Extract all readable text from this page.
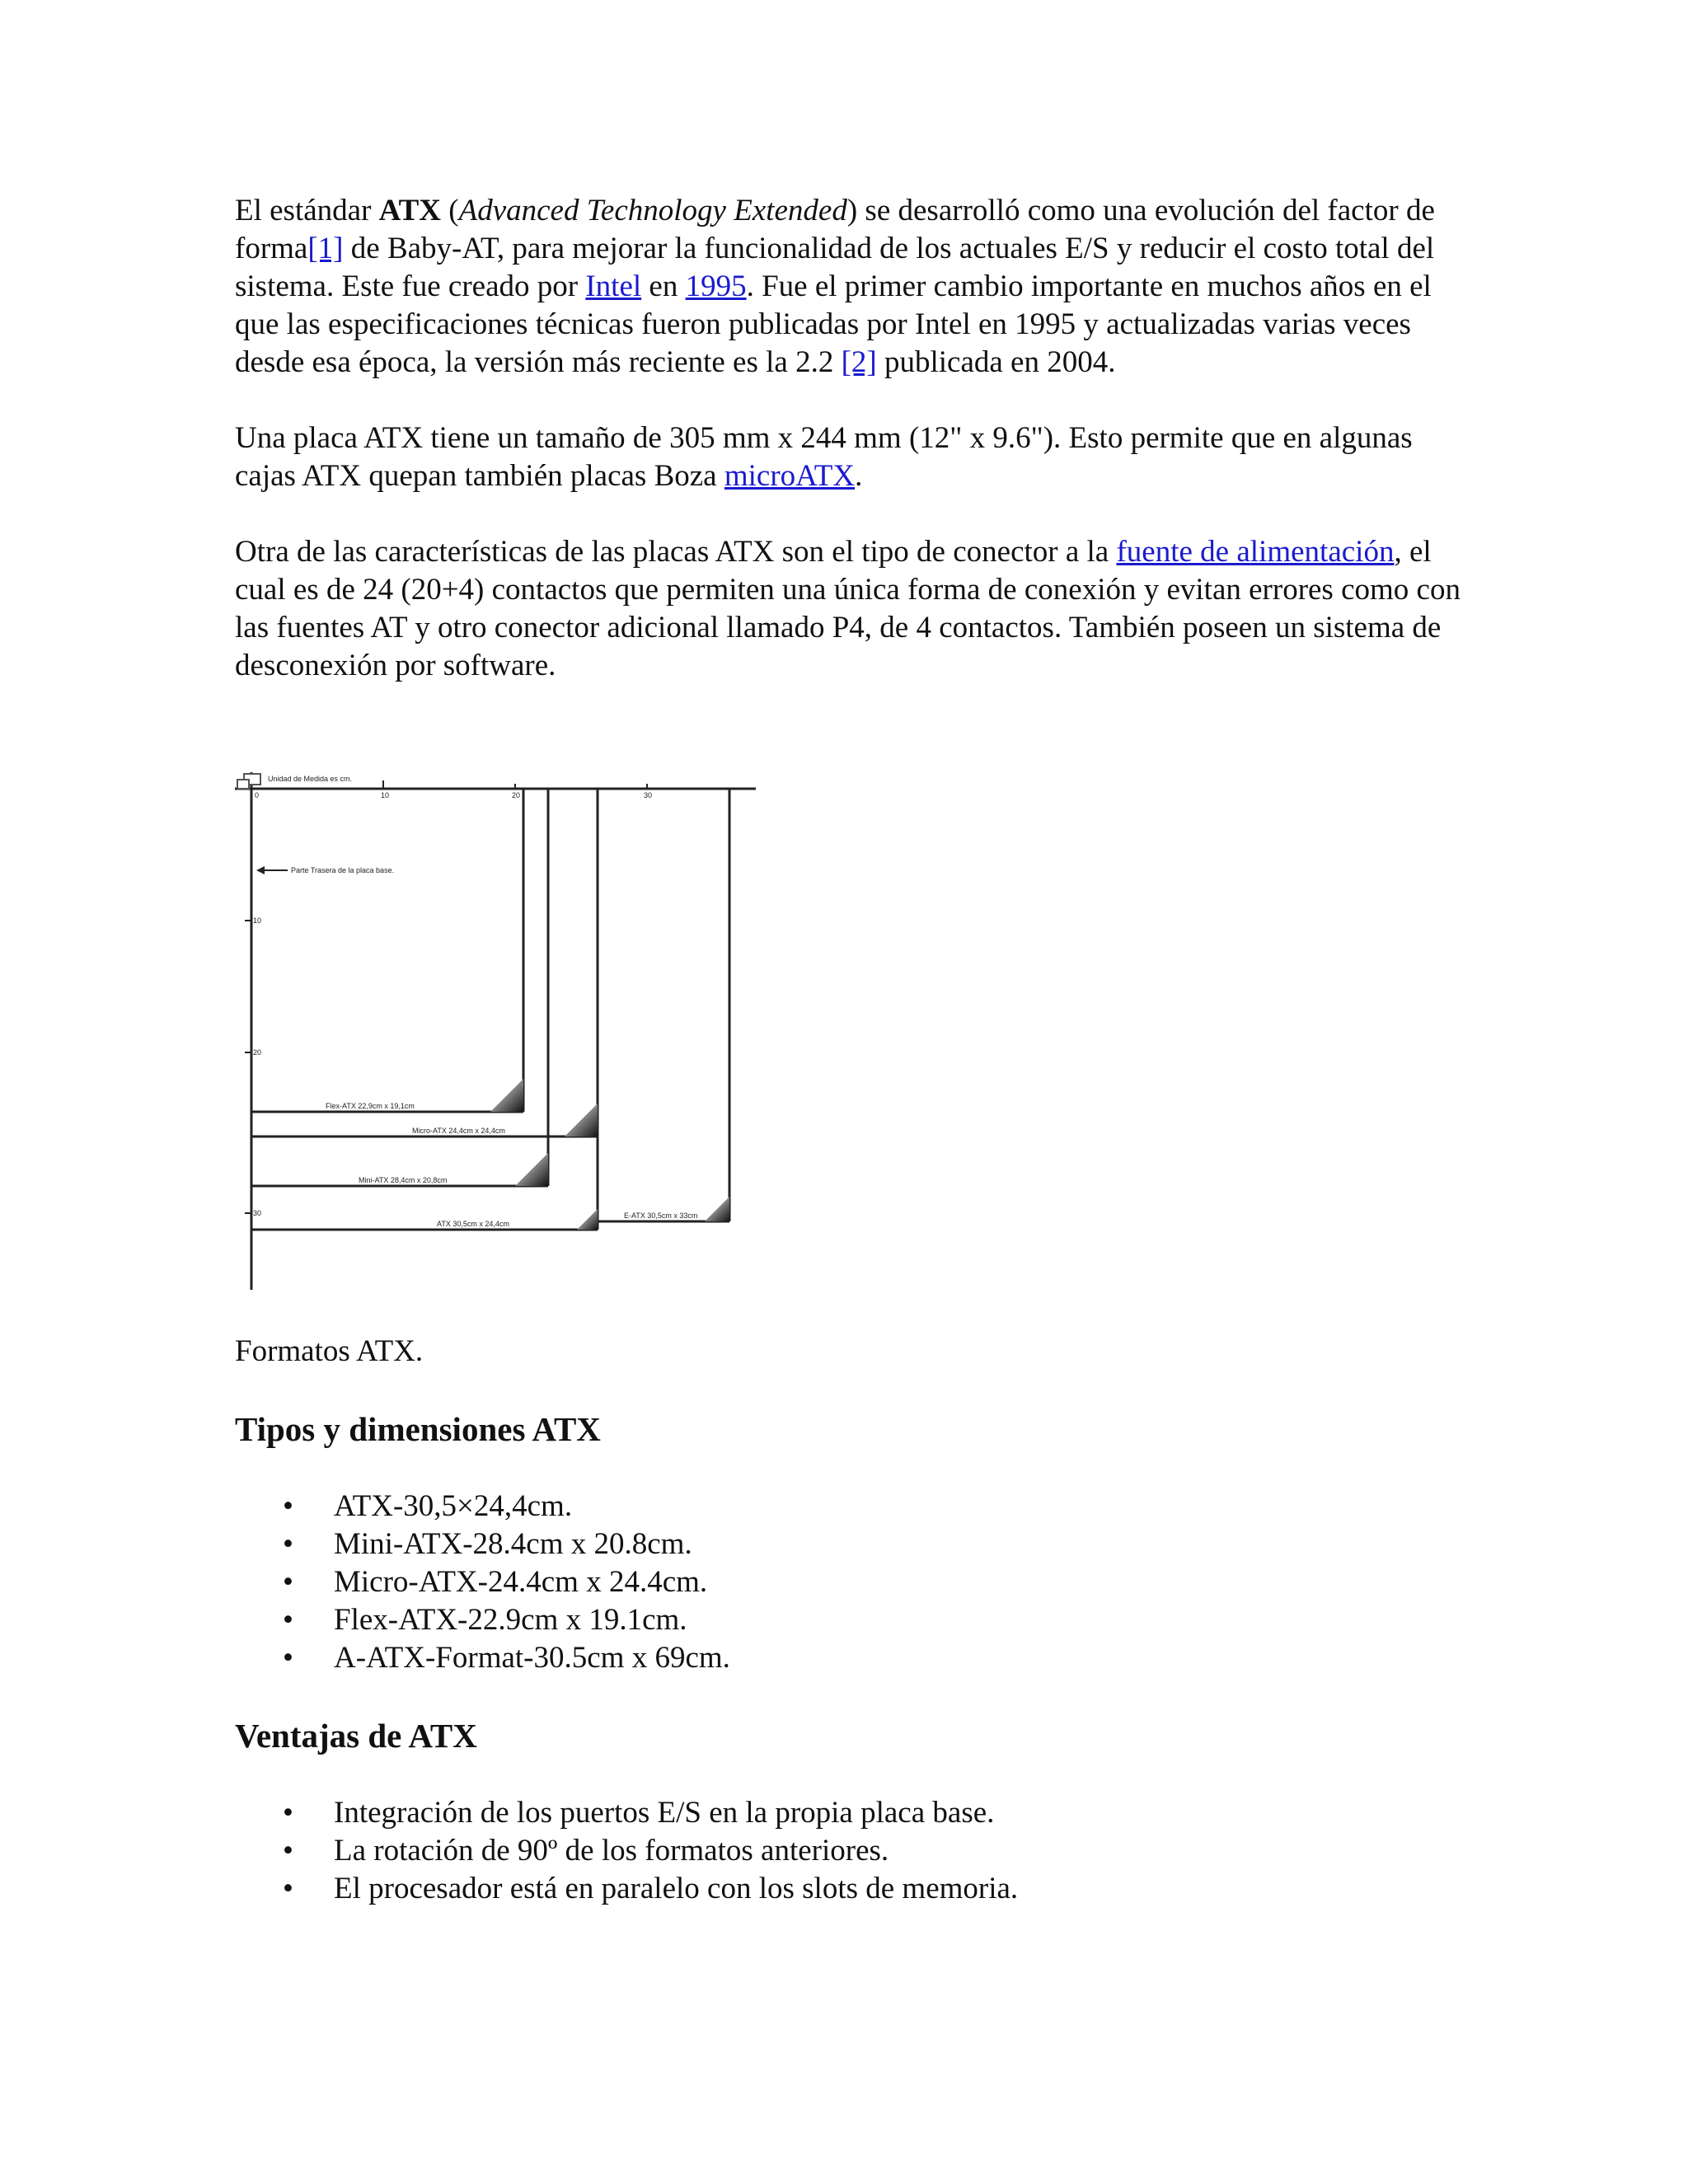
El estándar ATX (Advanced Technology Extended) se desarrolló como una evolución del factor de forma[1] de Baby-AT, para mejorar la funcionalidad de los actuales E/S y reducir el costo total del sistema. Este fue creado por Intel en 1995. Fue el primer cambio importante en muchos años en el que las especificaciones técnicas fueron publicadas por Intel en 1995 y actualizadas varias veces desde esa época, la versión más reciente es la 2.2 [2] publicada en 2004.

Una placa ATX tiene un tamaño de 305 mm x 244 mm (12" x 9.6"). Esto permite que en algunas cajas ATX quepan también placas Boza microATX.

Otra de las características de las placas ATX son el tipo de conector a la fuente de alimentación, el cual es de 24 (20+4) contactos que permiten una única forma de conexión y evitan errores como con las fuentes AT y otro conector adicional llamado P4, de 4 contactos. También poseen un sistema de desconexión por software.

Unidad de Medida es cm.
0	10	20	30
10
20
30
Parte Trasera de la placa base.
Flex-ATX 22,9cm x 19,1cm
Micro-ATX 24,4cm x 24,4cm
Mini-ATX 28,4cm x 20,8cm
E-ATX 30,5cm x 33cm
ATX 30,5cm x 24,4cm

Formatos ATX.

Tipos y dimensiones ATX
• ATX-30,5×24,4cm.
• Mini-ATX-28.4cm x 20.8cm.
• Micro-ATX-24.4cm x 24.4cm.
• Flex-ATX-22.9cm x 19.1cm.
• A-ATX-Format-30.5cm x 69cm.
Ventajas de ATX
• Integración de los puertos E/S en la propia placa base.
• La rotación de 90º de los formatos anteriores.
• El procesador está en paralelo con los slots de memoria.
